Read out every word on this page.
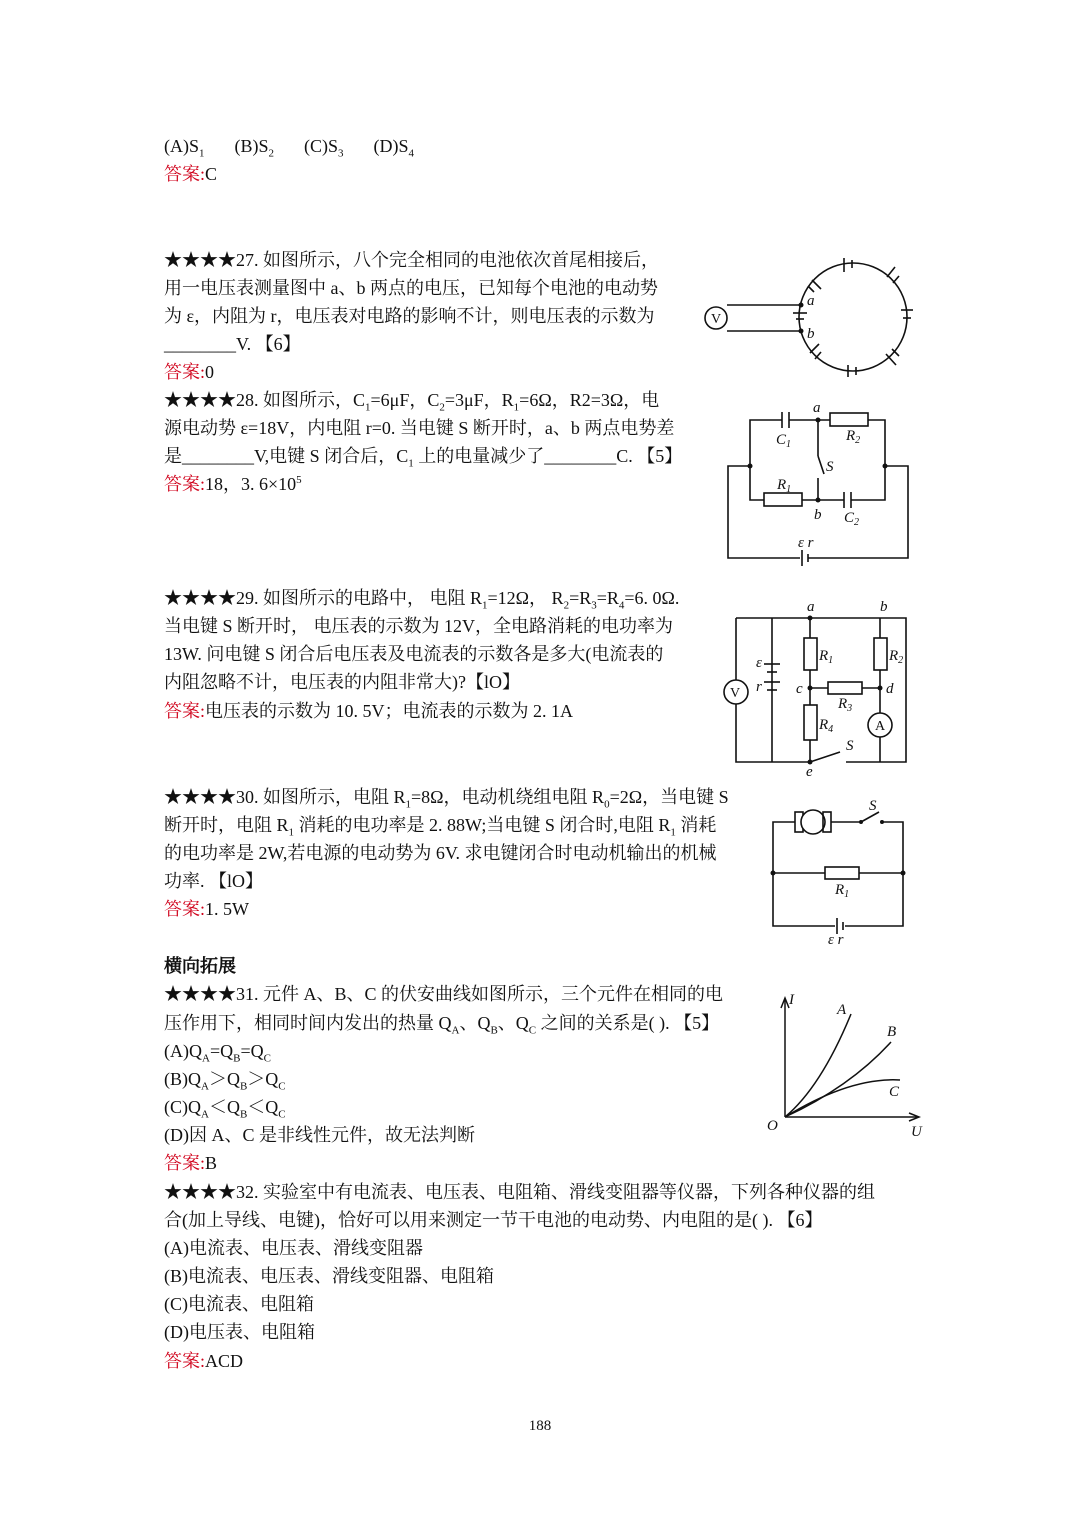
$(A)S_1$ $(B)S_2$ $(C)S_3$ $(D)S_4$
答案:C
★★★★27. 如图所示，八个完全相同的电池依次首尾相接后，
用一电压表测量图中 a、b 两点的电压，已知每个电池的电动势
为 ε，内阻为 r，电压表对电路的影响不计，则电压表的示数为
________V. 【6】
答案:0
V
a
b
★★★★28. 如图所示，$C_1=6\mu F$，$C_2=3\mu F$，$R_1=6\Omega$，R2=3Ω，电
源电动势 ε=18V，内电阻 r=0. 当电键 S 断开时，a、b 两点电势差
是________V,电键 S 闭合后，$C_1$ 上的电量减少了________C. 【5】
答案:18，3. $6\times 10^5$
a
b
$C_1$
$R_2$
S
$R_1$
$C_2$
ε r
★★★★29. 如图所示的电路中， 电阻 $R_1=12\Omega$， $R_2=R_3=R_4=6$. 0Ω.
当电键 S 断开时， 电压表的示数为 12V，全电路消耗的电功率为
13W. 问电键 S 闭合后电压表及电流表的示数各是多大(电流表的
内阻忽略不计，电压表的内阻非常大)?【lO】
答案:电压表的示数为 10. 5V；电流表的示数为 2. 1A
a	b
c	d
e
ε
r
V
A
$R_1$	$R_2$
$R_3$
$R_4$
S
★★★★30. 如图所示，电阻 $R_1=8\Omega$，电动机绕组电阻 $R_0=2\Omega$，当电键 S
断开时，电阻 $R_1$ 消耗的电功率是 2. 88W;当电键 S 闭合时,电阻 $R_1$ 消耗
的电功率是 2W,若电源的电动势为 6V. 求电键闭合时电动机输出的机械
功率. 【lO】
答案:1. 5W
S
$R_1$
ε r
横向拓展
★★★★31. 元件 A、B、C 的伏安曲线如图所示，三个元件在相同的电
压作用下，相同时间内发出的热量 $Q_A$、$Q_B$、$Q_C$ 之间的关系是( ). 【5】
$(A)Q_A=Q_B=Q_C$
$(B)Q_A>Q_B>Q_C$
$(C)Q_A<Q_B<Q_C$
(D)因 A、C 是非线性元件，故无法判断
答案:B
I
U
O
A
B
C
★★★★32. 实验室中有电流表、电压表、电阻箱、滑线变阻器等仪器，下列各种仪器的组
合(加上导线、电键)，恰好可以用来测定一节干电池的电动势、内电阻的是( ). 【6】
(A)电流表、电压表、滑线变阻器
(B)电流表、电压表、滑线变阻器、电阻箱
(C)电流表、电阻箱
(D)电压表、电阻箱
答案:ACD
188
